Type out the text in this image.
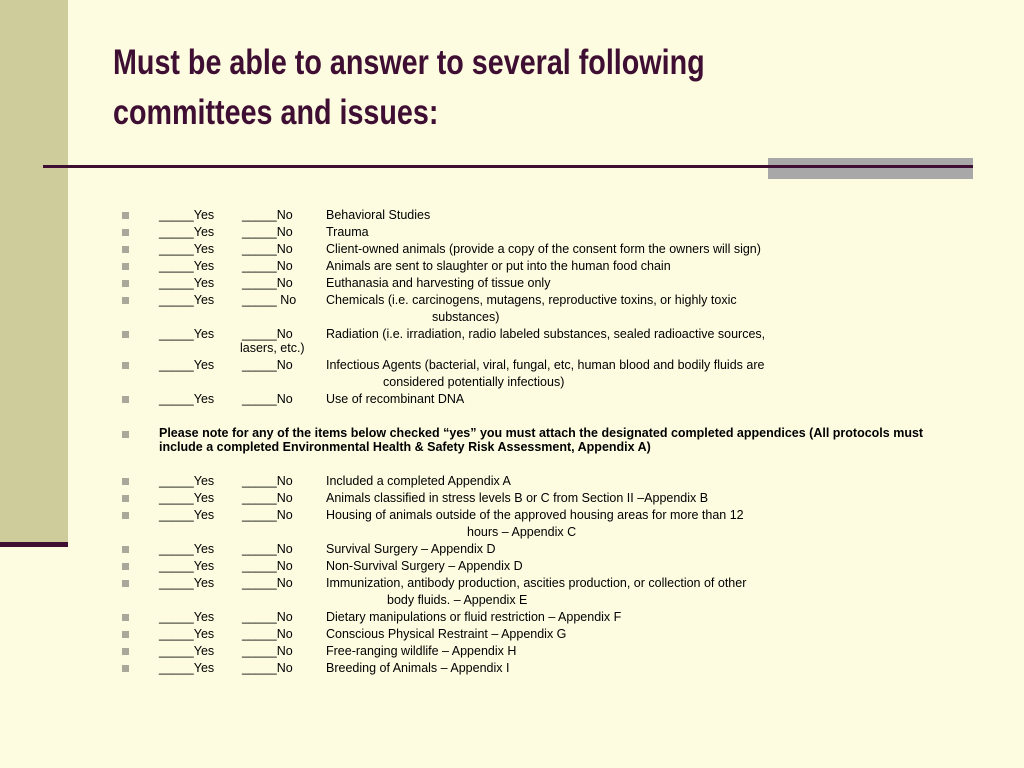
Must be able to answer to several following committees and issues:
_____Yes _____No	Behavioral Studies
_____Yes _____No	Trauma
_____Yes _____No	Client-owned animals (provide a copy of the consent form the owners will sign)
_____Yes _____No	Animals are sent to slaughter or put into the human food chain
_____Yes _____No	Euthanasia and harvesting of tissue only
_____Yes _____ No Chemicals (i.e. carcinogens, mutagens, reproductive toxins, or highly toxic
substances)
_____Yes _____No	Radiation (i.e. irradiation, radio labeled substances, sealed radioactive sources,
lasers, etc.)
_____Yes _____No	Infectious Agents (bacterial, viral, fungal, etc, human blood and bodily fluids are
considered potentially infectious)
_____Yes _____No	Use of recombinant DNA
Please note for any of the items below checked “yes” you must attach the designated completed appendices (All protocols must include a completed Environmental Health & Safety Risk Assessment, Appendix A)
_____Yes _____No	Included a completed Appendix A
_____Yes _____No	Animals classified in stress levels B or C from Section II –Appendix B
_____Yes _____No	Housing of animals outside of the approved housing areas for more than 12
hours – Appendix C
_____Yes _____No	Survival Surgery – Appendix D
_____Yes _____No	Non-Survival Surgery – Appendix D
_____Yes _____No	Immunization, antibody production, ascities production, or collection of other
body fluids. – Appendix E
_____Yes _____No	Dietary manipulations or fluid restriction – Appendix F
_____Yes _____No	Conscious Physical Restraint – Appendix G
_____Yes _____No	Free-ranging wildlife – Appendix H
_____Yes _____No	Breeding of Animals – Appendix I
